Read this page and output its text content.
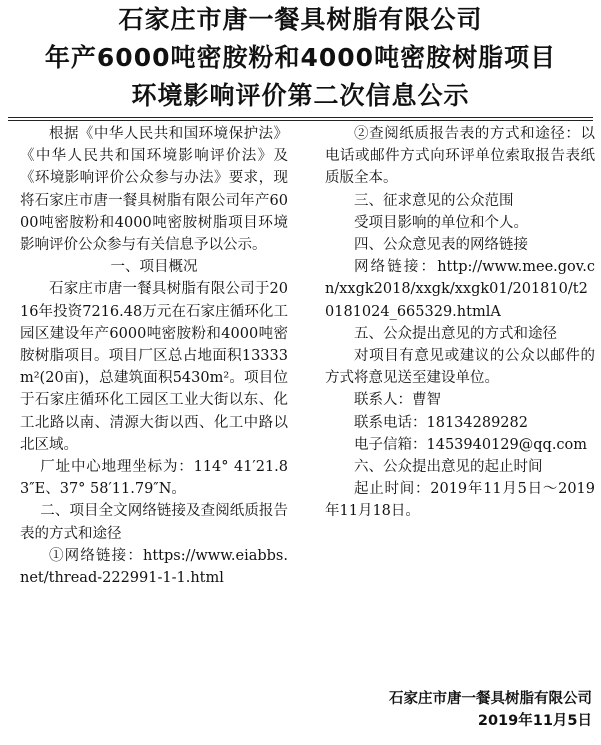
石家庄市唐一餐具树脂有限公司
年产6000吨密胺粉和4000吨密胺树脂项目
环境影响评价第二次信息公示

根据《中华人民共和国环境保护法》《中华人民共和国环境影响评价法》及《环境影响评价公众参与办法》要求，现将石家庄市唐一餐具树脂有限公司年产6000吨密胺粉和4000吨密胺树脂项目环境影响评价公众参与有关信息予以公示。

一、项目概况

石家庄市唐一餐具树脂有限公司于2016年投资7216.48万元在石家庄循环化工园区建设年产6000吨密胺粉和4000吨密胺树脂项目。项目厂区总占地面积13333m²(20亩)，总建筑面积5430m²。项目位于石家庄循环化工园区工业大街以东、化工北路以南、清源大街以西、化工中路以北区域。

厂址中心地理坐标为：114° 41′21.83″E、37° 58′11.79″N。

二、项目全文网络链接及查阅纸质报告表的方式和途径

①网络链接：https://www.eiabbs.net/thread-222991-1-1.html

②查阅纸质报告表的方式和途径：以电话或邮件方式向环评单位索取报告表纸质版全本。

三、征求意见的公众范围

受项目影响的单位和个人。

四、公众意见表的网络链接

网络链接：http://www.mee.gov.cn/xxgk2018/xxgk/xxgk01/201810/t20181024_665329.htmlA

五、公众提出意见的方式和途径

对项目有意见或建议的公众以邮件的方式将意见送至建设单位。

联系人：曹智

联系电话：18134289282

电子信箱：1453940129@qq.com

六、公众提出意见的起止时间

起止时间：2019年11月5日～2019年11月18日。

石家庄市唐一餐具树脂有限公司
2019年11月5日
